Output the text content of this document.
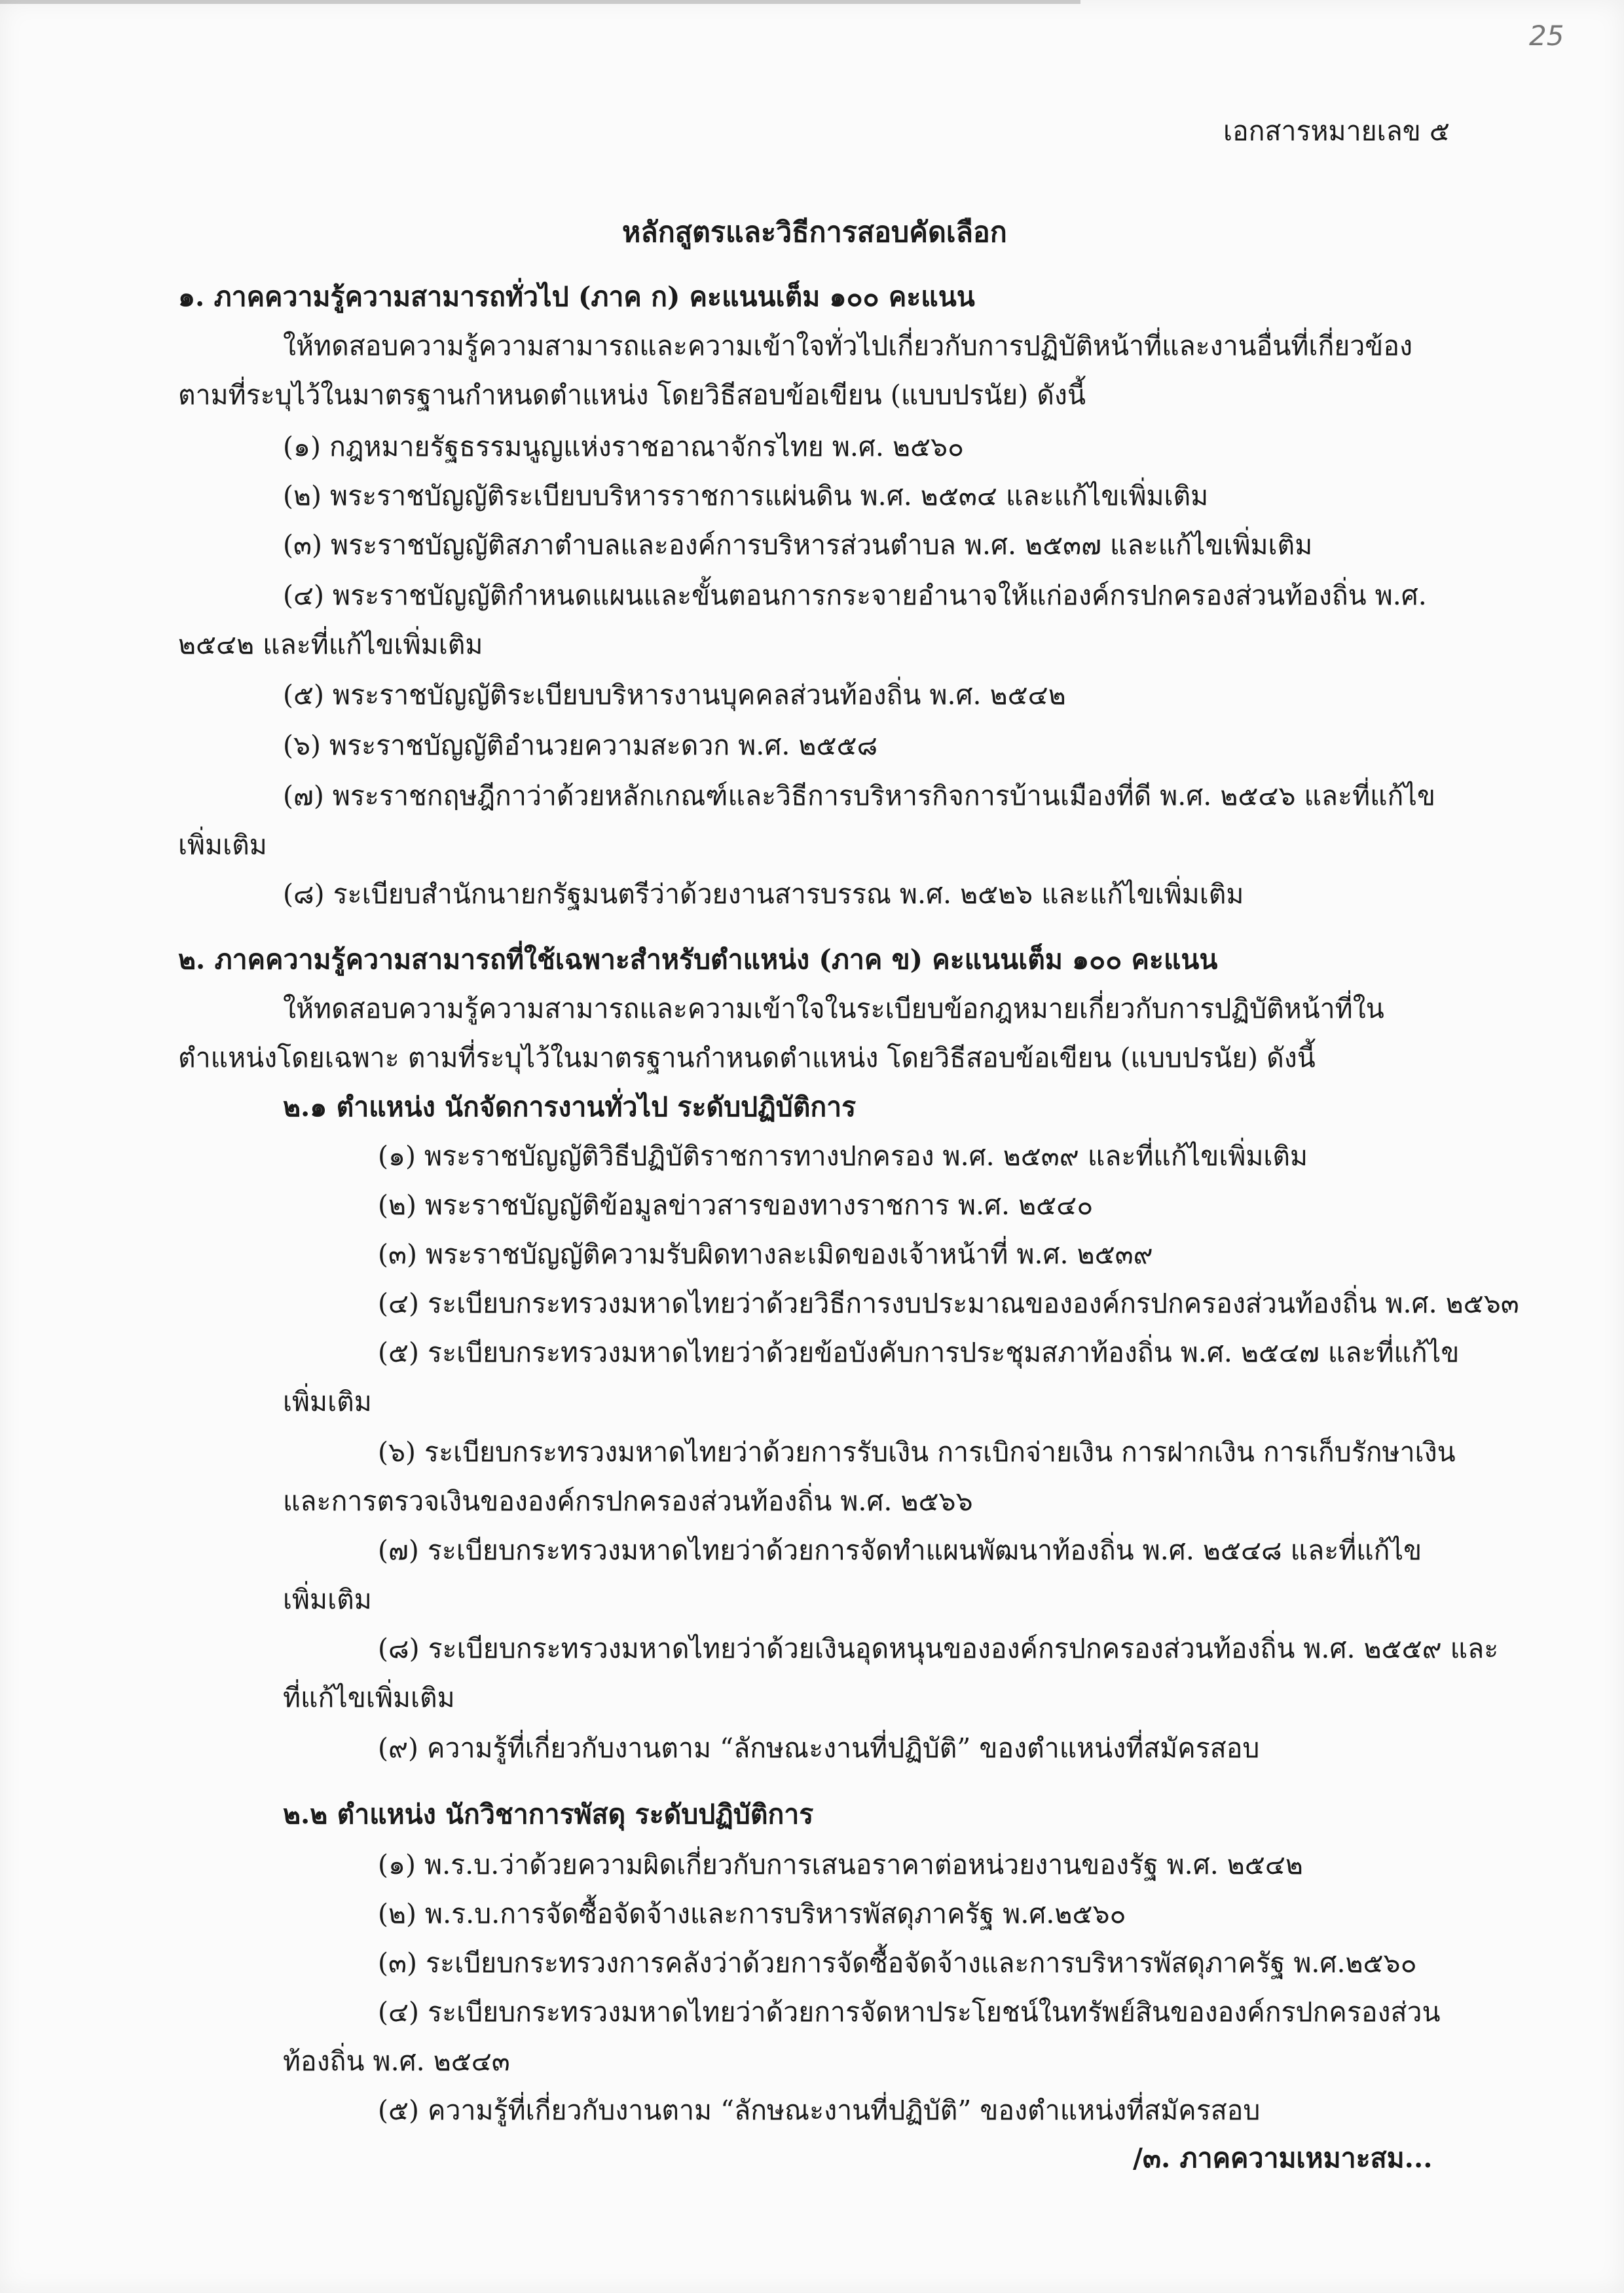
25
เอกสารหมายเลข ๕
หลักสูตรและวิธีการสอบคัดเลือก
๑. ภาคความรู้ความสามารถทั่วไป (ภาค ก) คะแนนเต็ม ๑๐๐ คะแนน
ให้ทดสอบความรู้ความสามารถและความเข้าใจทั่วไปเกี่ยวกับการปฏิบัติหน้าที่และงานอื่นที่เกี่ยวข้อง
ตามที่ระบุไว้ในมาตรฐานกำหนดตำแหน่ง โดยวิธีสอบข้อเขียน (แบบปรนัย) ดังนี้
(๑) กฎหมายรัฐธรรมนูญแห่งราชอาณาจักรไทย พ.ศ. ๒๕๖๐
(๒) พระราชบัญญัติระเบียบบริหารราชการแผ่นดิน พ.ศ. ๒๕๓๔ และแก้ไขเพิ่มเติม
(๓) พระราชบัญญัติสภาตำบลและองค์การบริหารส่วนตำบล พ.ศ. ๒๕๓๗ และแก้ไขเพิ่มเติม
(๔) พระราชบัญญัติกำหนดแผนและขั้นตอนการกระจายอำนาจให้แก่องค์กรปกครองส่วนท้องถิ่น พ.ศ.
๒๕๔๒ และที่แก้ไขเพิ่มเติม
(๕) พระราชบัญญัติระเบียบบริหารงานบุคคลส่วนท้องถิ่น พ.ศ. ๒๕๔๒
(๖) พระราชบัญญัติอำนวยความสะดวก พ.ศ. ๒๕๕๘
(๗) พระราชกฤษฎีกาว่าด้วยหลักเกณฑ์และวิธีการบริหารกิจการบ้านเมืองที่ดี พ.ศ. ๒๕๔๖ และที่แก้ไข
เพิ่มเติม
(๘) ระเบียบสำนักนายกรัฐมนตรีว่าด้วยงานสารบรรณ พ.ศ. ๒๕๒๖ และแก้ไขเพิ่มเติม
๒. ภาคความรู้ความสามารถที่ใช้เฉพาะสำหรับตำแหน่ง (ภาค ข) คะแนนเต็ม ๑๐๐ คะแนน
ให้ทดสอบความรู้ความสามารถและความเข้าใจในระเบียบข้อกฎหมายเกี่ยวกับการปฏิบัติหน้าที่ใน
ตำแหน่งโดยเฉพาะ ตามที่ระบุไว้ในมาตรฐานกำหนดตำแหน่ง โดยวิธีสอบข้อเขียน (แบบปรนัย) ดังนี้
๒.๑ ตำแหน่ง นักจัดการงานทั่วไป ระดับปฏิบัติการ
(๑) พระราชบัญญัติวิธีปฏิบัติราชการทางปกครอง พ.ศ. ๒๕๓๙ และที่แก้ไขเพิ่มเติม
(๒) พระราชบัญญัติข้อมูลข่าวสารของทางราชการ พ.ศ. ๒๕๔๐
(๓) พระราชบัญญัติความรับผิดทางละเมิดของเจ้าหน้าที่ พ.ศ. ๒๕๓๙
(๔) ระเบียบกระทรวงมหาดไทยว่าด้วยวิธีการงบประมาณขององค์กรปกครองส่วนท้องถิ่น พ.ศ. ๒๕๖๓
(๕) ระเบียบกระทรวงมหาดไทยว่าด้วยข้อบังคับการประชุมสภาท้องถิ่น พ.ศ. ๒๕๔๗ และที่แก้ไข
เพิ่มเติม
(๖) ระเบียบกระทรวงมหาดไทยว่าด้วยการรับเงิน การเบิกจ่ายเงิน การฝากเงิน การเก็บรักษาเงิน
และการตรวจเงินขององค์กรปกครองส่วนท้องถิ่น พ.ศ. ๒๕๖๖
(๗) ระเบียบกระทรวงมหาดไทยว่าด้วยการจัดทำแผนพัฒนาท้องถิ่น พ.ศ. ๒๕๔๘ และที่แก้ไข
เพิ่มเติม
(๘) ระเบียบกระทรวงมหาดไทยว่าด้วยเงินอุดหนุนขององค์กรปกครองส่วนท้องถิ่น พ.ศ. ๒๕๕๙ และ
ที่แก้ไขเพิ่มเติม
(๙) ความรู้ที่เกี่ยวกับงานตาม “ลักษณะงานที่ปฏิบัติ” ของตำแหน่งที่สมัครสอบ
๒.๒ ตำแหน่ง นักวิชาการพัสดุ ระดับปฏิบัติการ
(๑) พ.ร.บ.ว่าด้วยความผิดเกี่ยวกับการเสนอราคาต่อหน่วยงานของรัฐ พ.ศ. ๒๕๔๒
(๒) พ.ร.บ.การจัดซื้อจัดจ้างและการบริหารพัสดุภาครัฐ พ.ศ.๒๕๖๐
(๓) ระเบียบกระทรวงการคลังว่าด้วยการจัดซื้อจัดจ้างและการบริหารพัสดุภาครัฐ พ.ศ.๒๕๖๐
(๔) ระเบียบกระทรวงมหาดไทยว่าด้วยการจัดหาประโยชน์ในทรัพย์สินขององค์กรปกครองส่วน
ท้องถิ่น พ.ศ. ๒๕๔๓
(๕) ความรู้ที่เกี่ยวกับงานตาม “ลักษณะงานที่ปฏิบัติ” ของตำแหน่งที่สมัครสอบ
/๓. ภาคความเหมาะสม...
